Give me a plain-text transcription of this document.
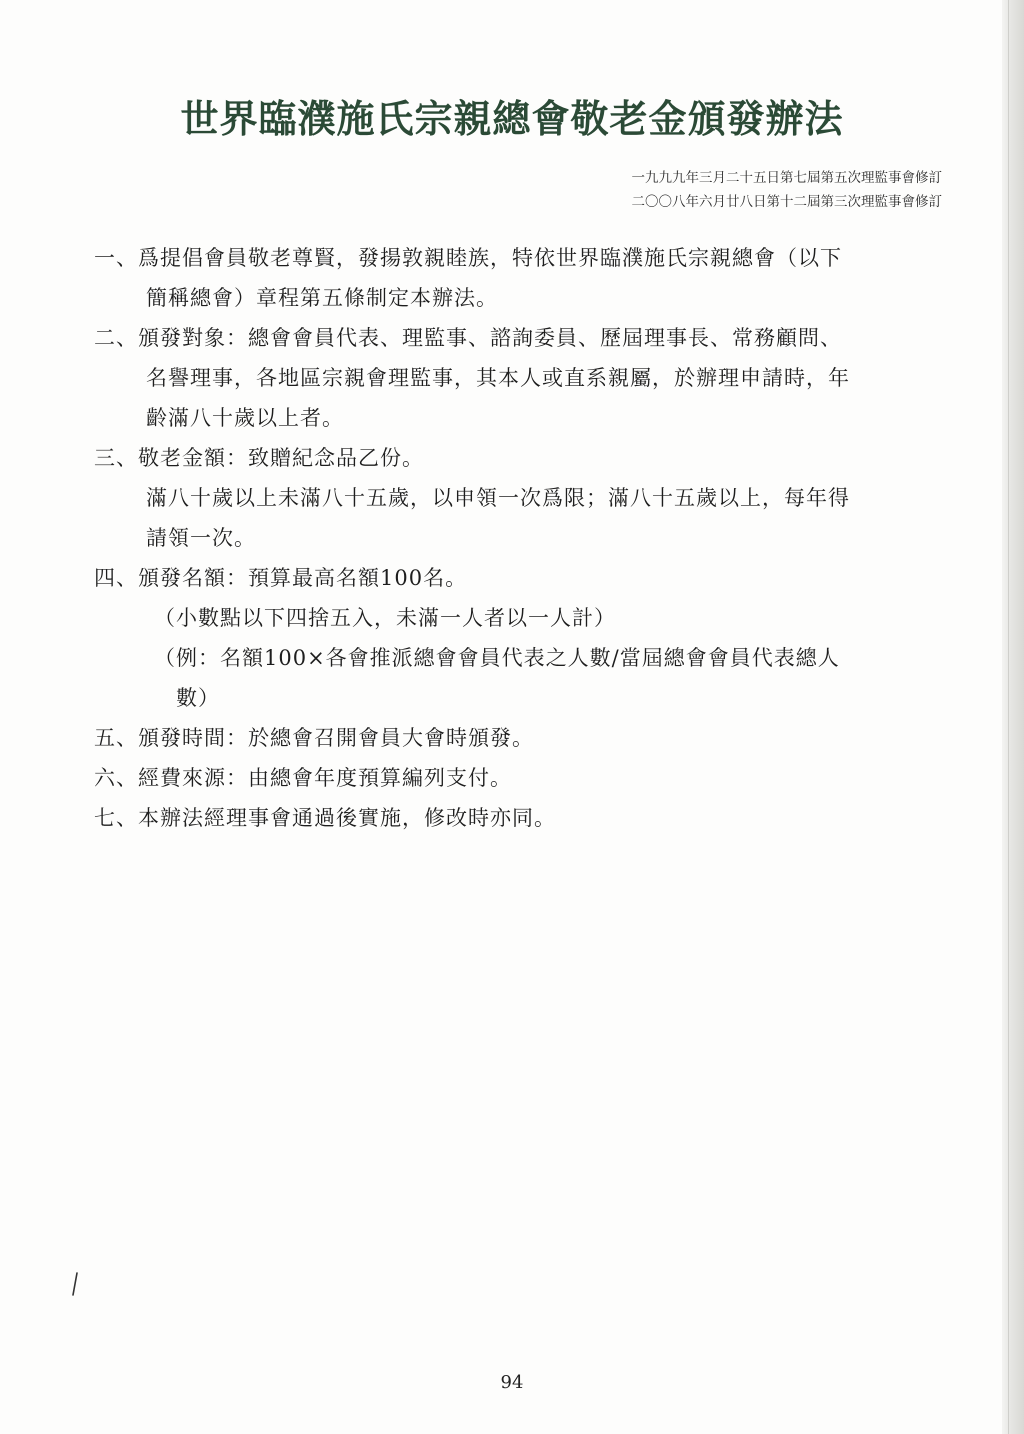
世界臨濮施氏宗親總會敬老金頒發辦法
一九九九年三月二十五日第七屆第五次理監事會修訂
二〇〇八年六月廿八日第十二屆第三次理監事會修訂
一、爲提倡會員敬老尊賢，發揚敦親睦族，特依世界臨濮施氏宗親總會（以下
簡稱總會）章程第五條制定本辦法。
二、頒發對象：總會會員代表、理監事、諮詢委員、歷屆理事長、常務顧問、
名譽理事，各地區宗親會理監事，其本人或直系親屬，於辦理申請時，年
齡滿八十歲以上者。
三、敬老金額：致贈紀念品乙份。
滿八十歲以上未滿八十五歲，以申領一次爲限；滿八十五歲以上，每年得
請領一次。
四、頒發名額：預算最高名額100名。
（小數點以下四捨五入，未滿一人者以一人計）
（例：名額100×各會推派總會會員代表之人數/當屆總會會員代表總人
數）
五、頒發時間：於總會召開會員大會時頒發。
六、經費來源：由總會年度預算編列支付。
七、本辦法經理事會通過後實施，修改時亦同。
94
